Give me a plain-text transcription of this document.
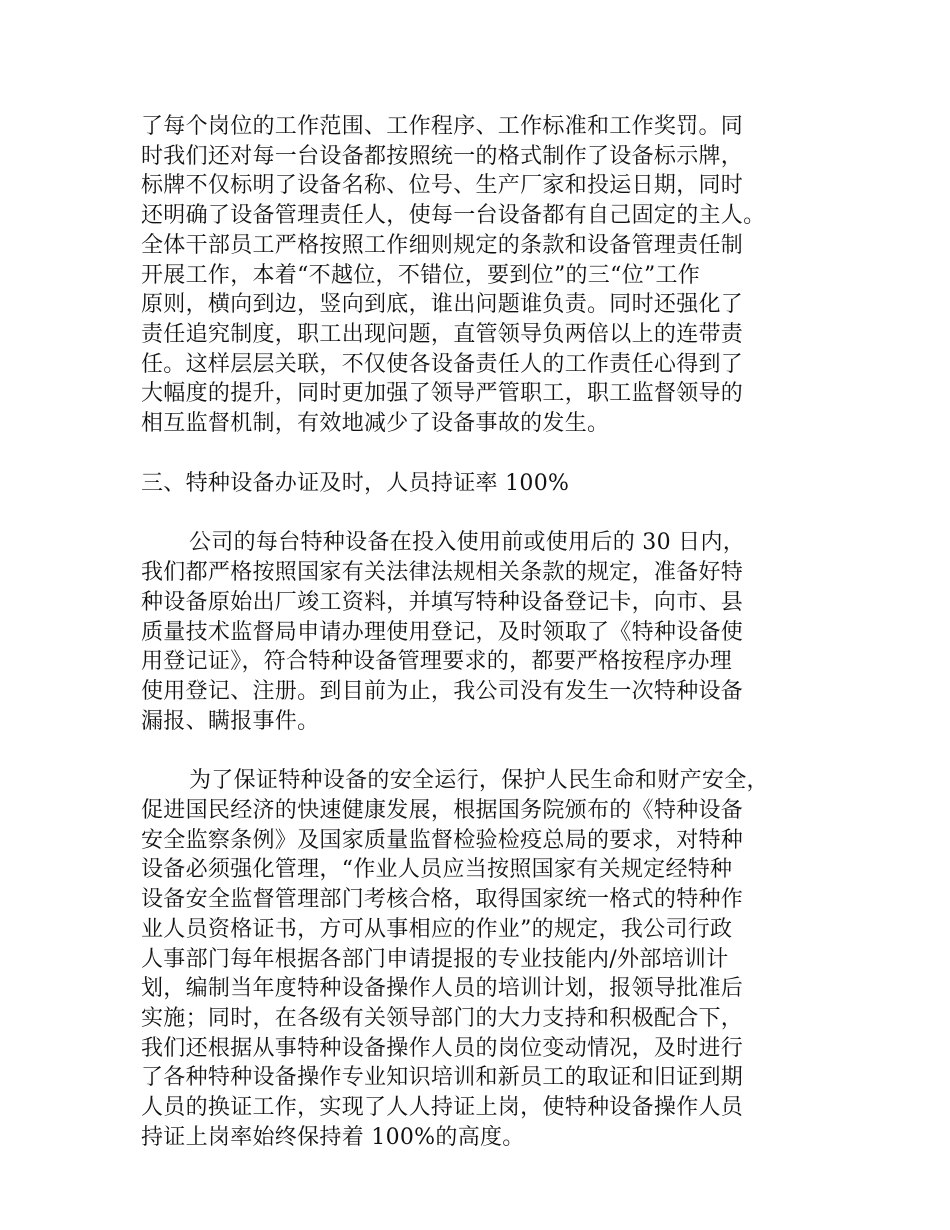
了每个岗位的工作范围、工作程序、工作标准和工作奖罚。同
时我们还对每一台设备都按照统一的格式制作了设备标示牌，
标牌不仅标明了设备名称、位号、生产厂家和投运日期，同时
还明确了设备管理责任人，使每一台设备都有自己固定的主人。
全体干部员工严格按照工作细则规定的条款和设备管理责任制
开展工作，本着“不越位，不错位，要到位”的三“位”工作
原则，横向到边，竖向到底，谁出问题谁负责。同时还强化了
责任追究制度，职工出现问题，直管领导负两倍以上的连带责
任。这样层层关联，不仅使各设备责任人的工作责任心得到了
大幅度的提升，同时更加强了领导严管职工，职工监督领导的
相互监督机制，有效地减少了设备事故的发生。
三、特种设备办证及时，人员持证率 100%
公司的每台特种设备在投入使用前或使用后的 30 日内，
我们都严格按照国家有关法律法规相关条款的规定，准备好特
种设备原始出厂竣工资料，并填写特种设备登记卡，向市、县
质量技术监督局申请办理使用登记，及时领取了《特种设备使
用登记证》，符合特种设备管理要求的，都要严格按程序办理
使用登记、注册。到目前为止，我公司没有发生一次特种设备
漏报、瞒报事件。
为了保证特种设备的安全运行，保护人民生命和财产安全，
促进国民经济的快速健康发展，根据国务院颁布的《特种设备
安全监察条例》及国家质量监督检验检疫总局的要求，对特种
设备必须强化管理，“作业人员应当按照国家有关规定经特种
设备安全监督管理部门考核合格，取得国家统一格式的特种作
业人员资格证书，方可从事相应的作业”的规定，我公司行政
人事部门每年根据各部门申请提报的专业技能内/外部培训计
划，编制当年度特种设备操作人员的培训计划，报领导批准后
实施；同时，在各级有关领导部门的大力支持和积极配合下，
我们还根据从事特种设备操作人员的岗位变动情况，及时进行
了各种特种设备操作专业知识培训和新员工的取证和旧证到期
人员的换证工作，实现了人人持证上岗，使特种设备操作人员
持证上岗率始终保持着 100%的高度。
